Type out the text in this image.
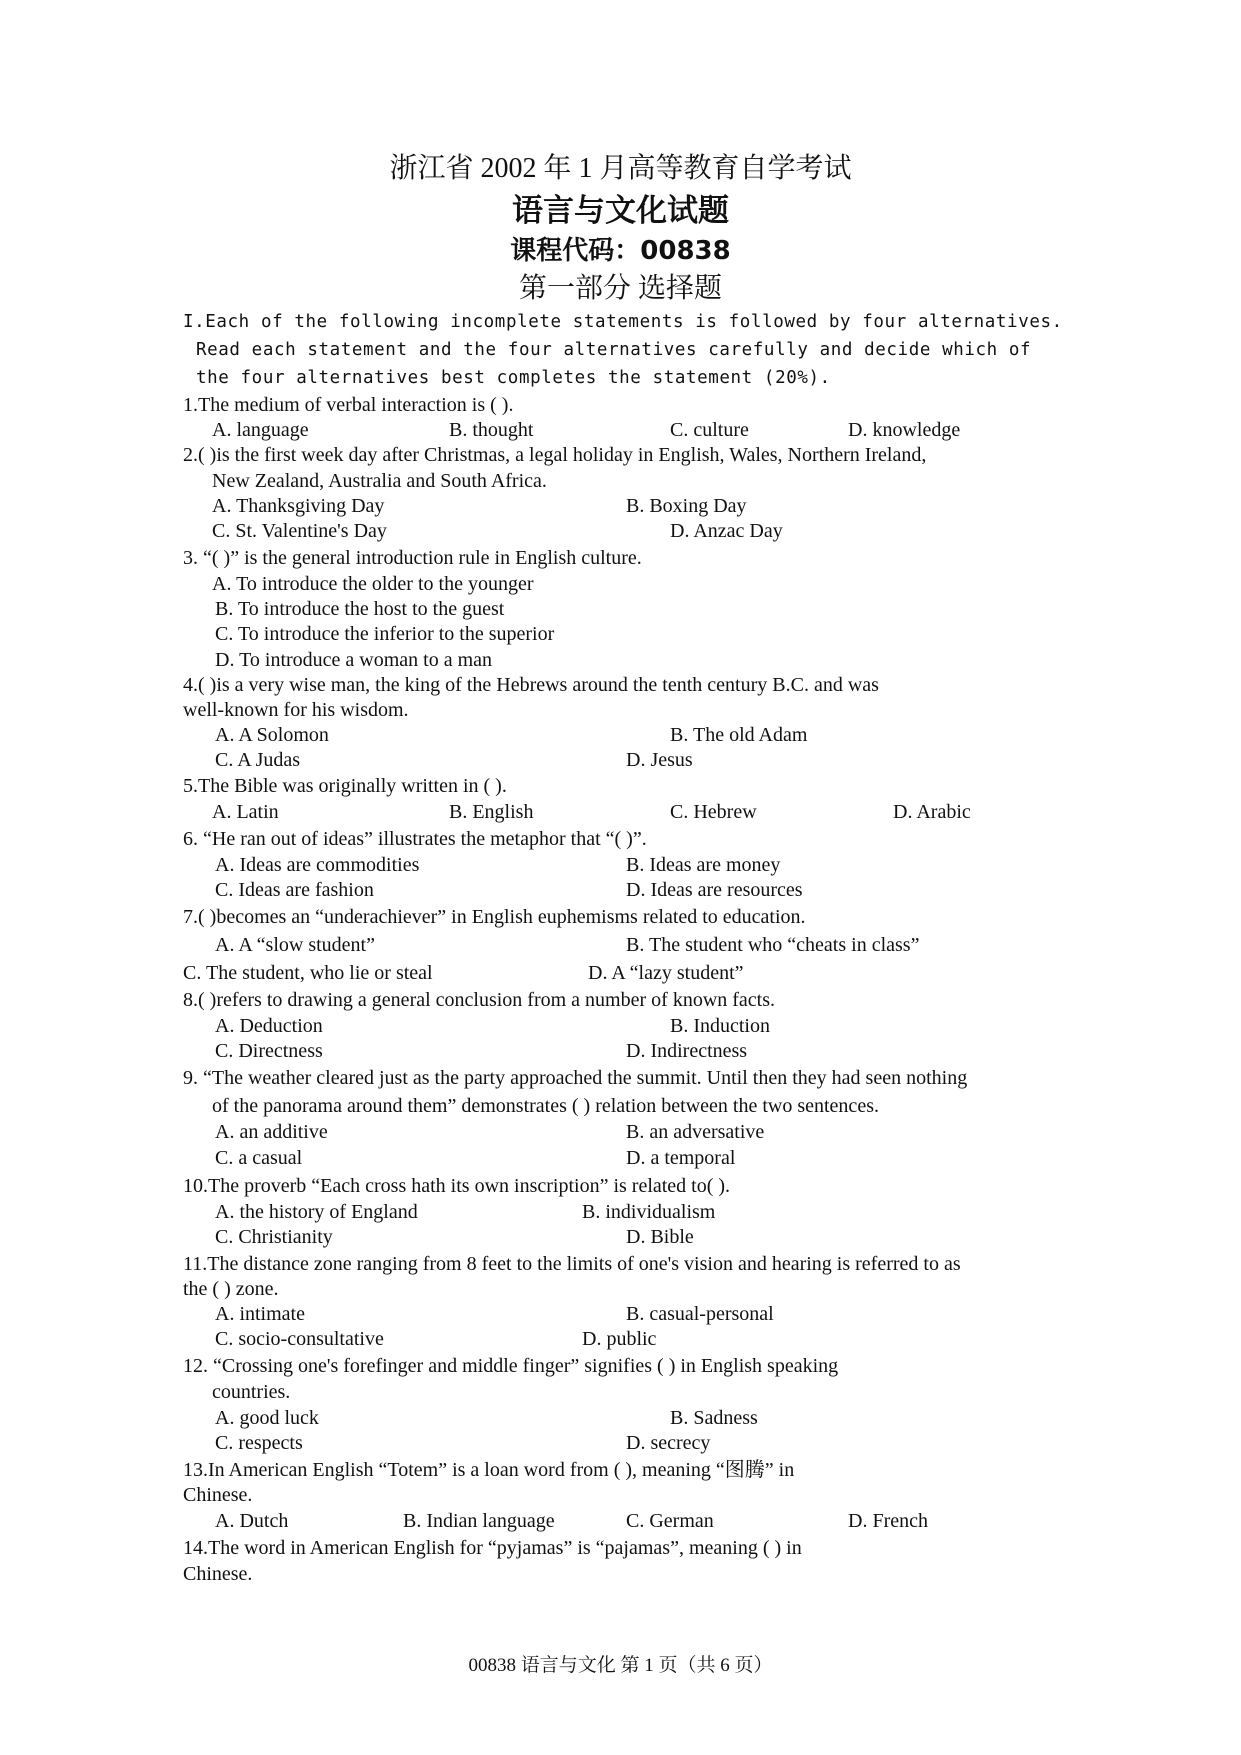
浙江省 2002 年 1 月高等教育自学考试
语言与文化试题
课程代码：00838
第一部分 选择题
I.Each of the following incomplete statements is followed by four alternatives.
Read each statement and the four alternatives carefully and decide which of
the four alternatives best completes the statement (20%).
1.The medium of verbal interaction is ( ).
A. language	B. thought	C. culture	D. knowledge
2.( )is the first week day after Christmas, a legal holiday in English, Wales, Northern Ireland,
New Zealand, Australia and South Africa.
A. Thanksgiving Day	B. Boxing Day
C. St. Valentine's Day	D. Anzac Day
3. “( )” is the general introduction rule in English culture.
A. To introduce the older to the younger
B. To introduce the host to the guest
C. To introduce the inferior to the superior
D. To introduce a woman to a man
4.( )is a very wise man, the king of the Hebrews around the tenth century B.C. and was
well-known for his wisdom.
A. A Solomon	B. The old Adam
C. A Judas	D. Jesus
5.The Bible was originally written in ( ).
A. Latin	B. English	C. Hebrew	D. Arabic
6. “He ran out of ideas” illustrates the metaphor that “( )”.
A. Ideas are commodities	B. Ideas are money
C. Ideas are fashion	D. Ideas are resources
7.( )becomes an “underachiever” in English euphemisms related to education.
A. A “slow student”	B. The student who “cheats in class”
C. The student, who lie or steal	D. A “lazy student”
8.( )refers to drawing a general conclusion from a number of known facts.
A. Deduction	B. Induction
C. Directness	D. Indirectness
9. “The weather cleared just as the party approached the summit. Until then they had seen nothing
of the panorama around them” demonstrates ( ) relation between the two sentences.
A. an additive	B. an adversative
C. a casual	D. a temporal
10.The proverb “Each cross hath its own inscription” is related to( ).
A. the history of England	B. individualism
C. Christianity	D. Bible
11.The distance zone ranging from 8 feet to the limits of one's vision and hearing is referred to as
the ( ) zone.
A. intimate	B. casual-personal
C. socio-consultative	D. public
12. “Crossing one's forefinger and middle finger” signifies ( ) in English speaking
countries.
A. good luck	B. Sadness
C. respects	D. secrecy
13.In American English “Totem” is a loan word from ( ), meaning “图腾” in
Chinese.
A. Dutch	B. Indian language	C. German	D. French
14.The word in American English for “pyjamas” is “pajamas”, meaning ( ) in
Chinese.
00838 语言与文化 第 1 页（共 6 页）
